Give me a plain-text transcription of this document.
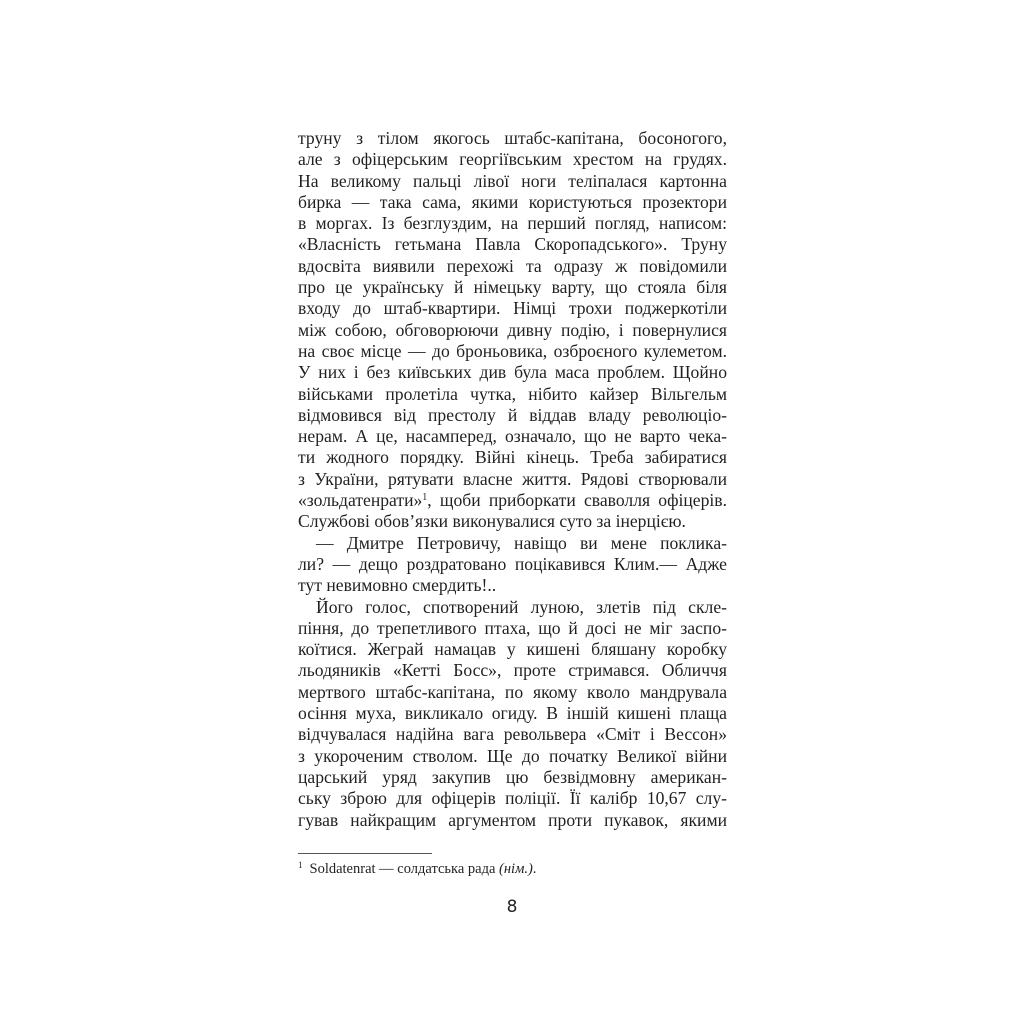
труну з тілом якогось штабс-капітана, босоногого,
але з офіцерським георгіївським хрестом на грудях.
На великому пальці лівої ноги теліпалася картонна
бирка — така сама, якими користуються прозектори
в моргах. Із безглуздим, на перший погляд, написом:
«Власність гетьмана Павла Скоропадського». Труну
вдосвіта виявили перехожі та одразу ж повідомили
про це українську й німецьку варту, що стояла біля
входу до штаб-квартири. Німці трохи поджеркотіли
між собою, обговорюючи дивну подію, і повернулися
на своє місце — до броньовика, озброєного кулеметом.
У них і без київських див була маса проблем. Щойно
військами пролетіла чутка, нібито кайзер Вільгельм
відмовився від престолу й віддав владу революціо-
нерам. А це, насамперед, означало, що не варто чека-
ти жодного порядку. Війні кінець. Треба забиратися
з України, рятувати власне життя. Рядові створювали
«зольдатенрати»$^1$, щоби приборкати сваволля офіцерів.
Службові обов’язки виконувалися суто за інерцією.
— Дмитре Петровичу, навіщо ви мене поклика-
ли? — дещо роздратовано поцікавився Клим.— Адже
тут невимовно смердить!..
Його голос, спотворений луною, злетів під скле-
піння, до трепетливого птаха, що й досі не міг заспо-
коїтися. Жеграй намацав у кишені бляшану коробку
льодяників «Кетті Босс», проте стримався. Обличчя
мертвого штабс-капітана, по якому кволо мандрувала
осіння муха, викликало огиду. В іншій кишені плаща
відчувалася надійна вага револьвера «Сміт і Вессон»
з укороченим стволом. Ще до початку Великої війни
царський уряд закупив цю безвідмовну американ-
ську зброю для офіцерів поліції. Її калібр 10,67 слу-
гував найкращим аргументом проти пукавок, якими
$^1$ Soldatenrat — солдатська рада (нім.).
8
